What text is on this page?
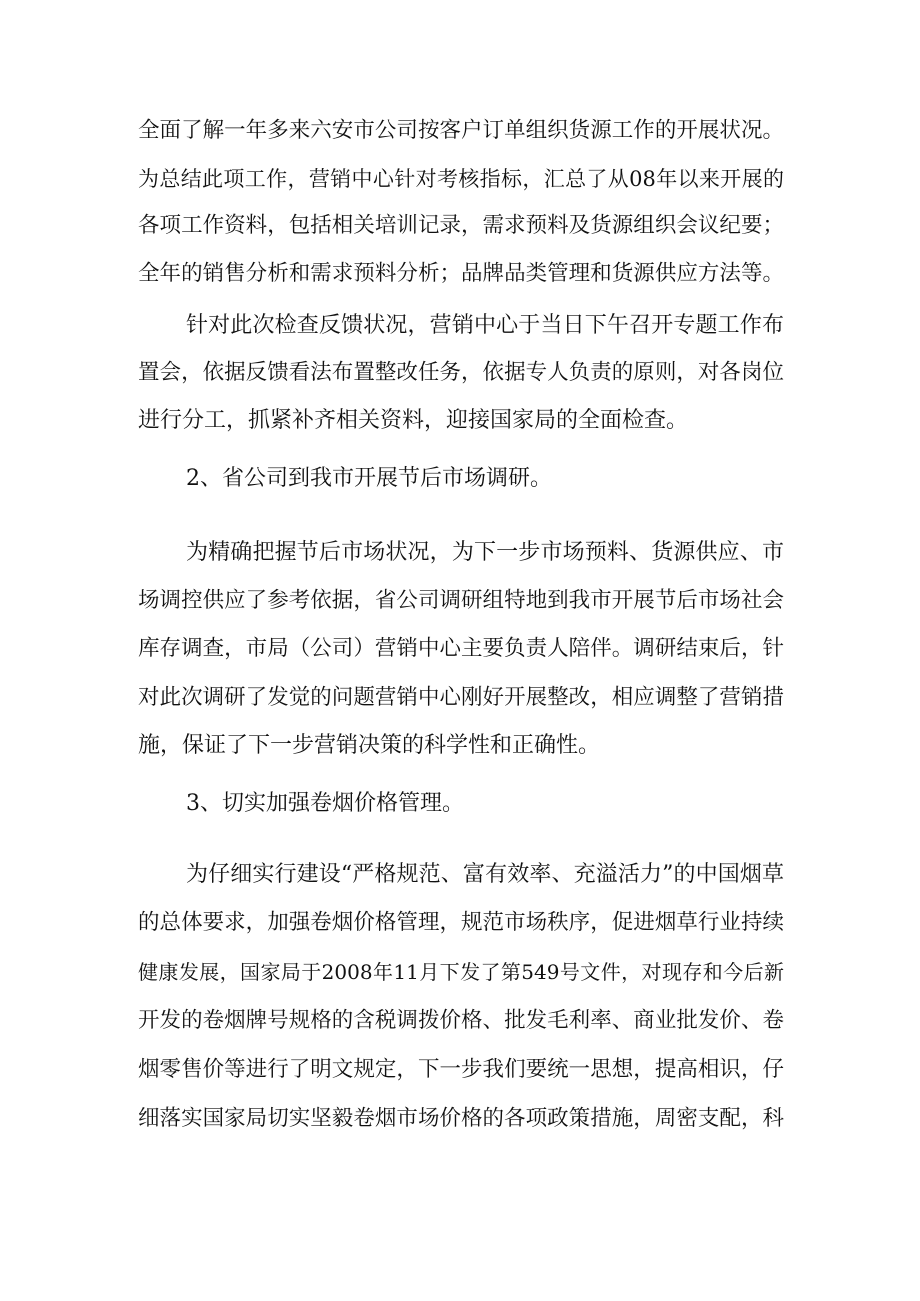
全面了解一年多来六安市公司按客户订单组织货源工作的开展状况。
为总结此项工作，营销中心针对考核指标，汇总了从08年以来开展的
各项工作资料，包括相关培训记录，需求预料及货源组织会议纪要；
全年的销售分析和需求预料分析；品牌品类管理和货源供应方法等。
针对此次检查反馈状况，营销中心于当日下午召开专题工作布
置会，依据反馈看法布置整改任务，依据专人负责的原则，对各岗位
进行分工，抓紧补齐相关资料，迎接国家局的全面检查。
2、省公司到我市开展节后市场调研。
为精确把握节后市场状况，为下一步市场预料、货源供应、市
场调控供应了参考依据，省公司调研组特地到我市开展节后市场社会
库存调查，市局（公司）营销中心主要负责人陪伴。调研结束后，针
对此次调研了发觉的问题营销中心刚好开展整改，相应调整了营销措
施，保证了下一步营销决策的科学性和正确性。
3、切实加强卷烟价格管理。
为仔细实行建设“严格规范、富有效率、充溢活力”的中国烟草
的总体要求，加强卷烟价格管理，规范市场秩序，促进烟草行业持续
健康发展，国家局于2008年11月下发了第549号文件，对现存和今后新
开发的卷烟牌号规格的含税调拨价格、批发毛利率、商业批发价、卷
烟零售价等进行了明文规定，下一步我们要统一思想，提高相识，仔
细落实国家局切实坚毅卷烟市场价格的各项政策措施，周密支配，科
